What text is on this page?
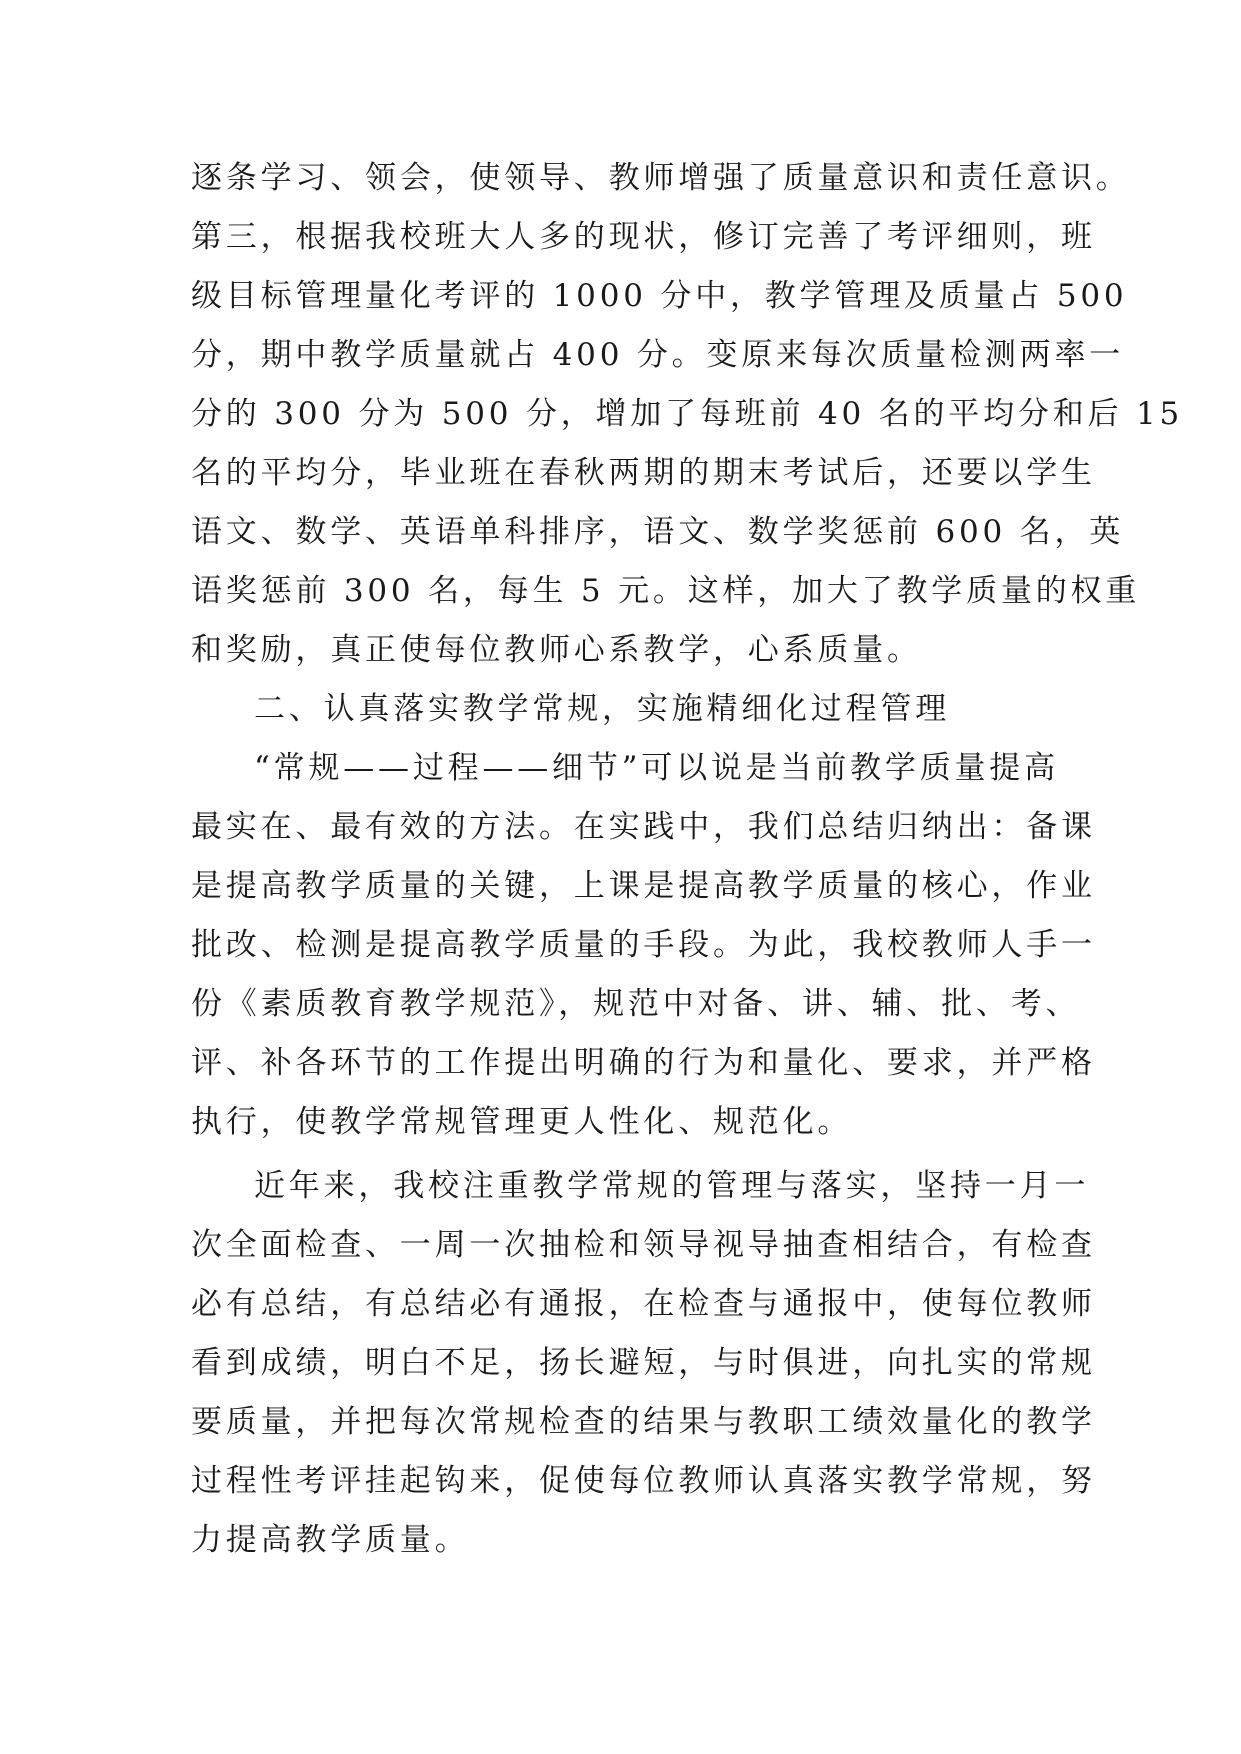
逐条学习、领会，使领导、教师增强了质量意识和责任意识。
第三，根据我校班大人多的现状，修订完善了考评细则，班
级目标管理量化考评的 1000 分中，教学管理及质量占 500
分，期中教学质量就占 400 分。变原来每次质量检测两率一
分的 300 分为 500 分，增加了每班前 40 名的平均分和后 15
名的平均分，毕业班在春秋两期的期末考试后，还要以学生
语文、数学、英语单科排序，语文、数学奖惩前 600 名，英
语奖惩前 300 名，每生 5 元。这样，加大了教学质量的权重
和奖励，真正使每位教师心系教学，心系质量。
二、认真落实教学常规，实施精细化过程管理
“常规——过程——细节”可以说是当前教学质量提高
最实在、最有效的方法。在实践中，我们总结归纳出：备课
是提高教学质量的关键，上课是提高教学质量的核心，作业
批改、检测是提高教学质量的手段。为此，我校教师人手一
份《素质教育教学规范》，规范中对备、讲、辅、批、考、
评、补各环节的工作提出明确的行为和量化、要求，并严格
执行，使教学常规管理更人性化、规范化。
近年来，我校注重教学常规的管理与落实，坚持一月一
次全面检查、一周一次抽检和领导视导抽查相结合，有检查
必有总结，有总结必有通报，在检查与通报中，使每位教师
看到成绩，明白不足，扬长避短，与时俱进，向扎实的常规
要质量，并把每次常规检查的结果与教职工绩效量化的教学
过程性考评挂起钩来，促使每位教师认真落实教学常规，努
力提高教学质量。
